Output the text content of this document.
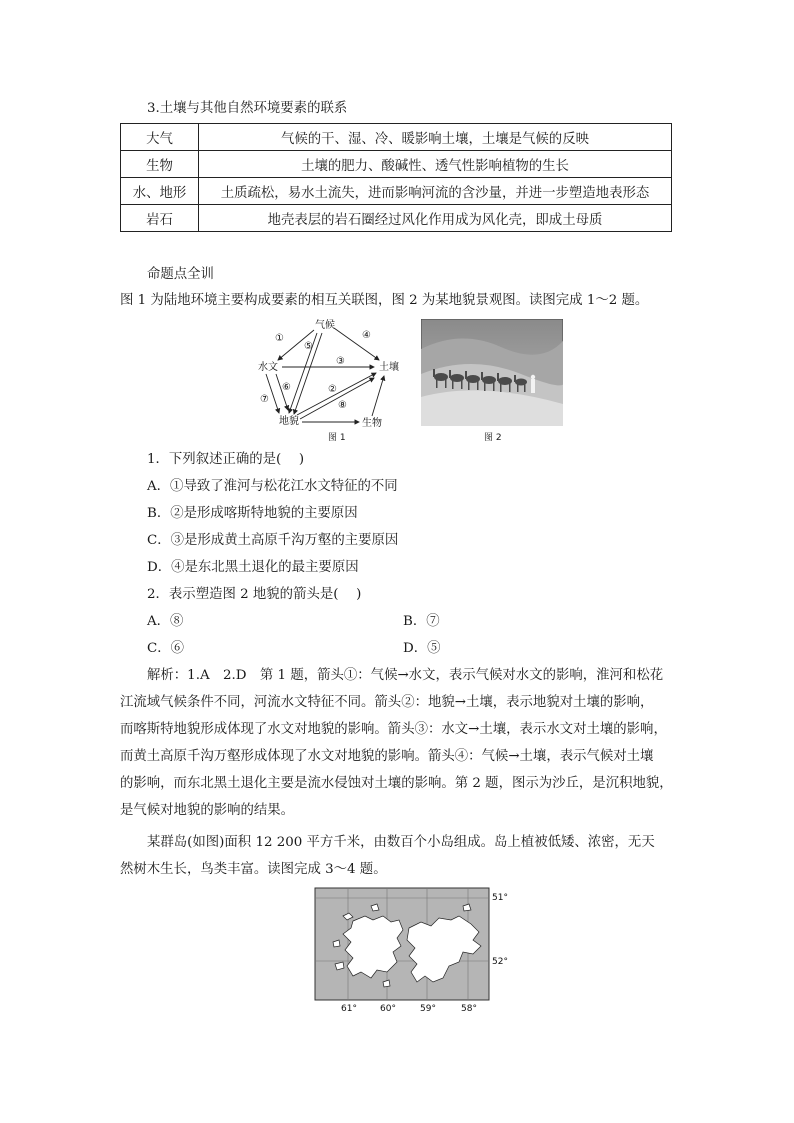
3.土壤与其他自然环境要素的联系
大气	气候的干、湿、冷、暖影响土壤，土壤是气候的反映
生物	土壤的肥力、酸碱性、透气性影响植物的生长
水、地形	土质疏松，易水土流失，进而影响河流的含沙量，并进一步塑造地表形态
岩石	地壳表层的岩石圈经过风化作用成为风化壳，即成土母质
命题点全训
图 1 为陆地环境主要构成要素的相互关联图，图 2 为某地貌景观图。读图完成 1～2 题。
气候
水文	土壤
地貌	生物
①
⑤
④
③
⑥
⑦
②
⑧
图 1	图 2
1．下列叙述正确的是(　 )
A．①导致了淮河与松花江水文特征的不同
B．②是形成喀斯特地貌的主要原因
C．③是形成黄土高原千沟万壑的主要原因
D．④是东北黑土退化的最主要原因
2．表示塑造图 2 地貌的箭头是(　 )
A．⑧	B．⑦
C．⑥	D．⑤
解析：1.A　2.D　第 1 题，箭头①：气候→水文，表示气候对水文的影响，淮河和松花
江流域气候条件不同，河流水文特征不同。箭头②：地貌→土壤，表示地貌对土壤的影响，
而喀斯特地貌形成体现了水文对地貌的影响。箭头③：水文→土壤，表示水文对土壤的影响，
而黄土高原千沟万壑形成体现了水文对地貌的影响。箭头④：气候→土壤，表示气候对土壤
的影响，而东北黑土退化主要是流水侵蚀对土壤的影响。第 2 题，图示为沙丘，是沉积地貌，
是气候对地貌的影响的结果。
某群岛(如图)面积 12 200 平方千米，由数百个小岛组成。岛上植被低矮、浓密，无天
然树木生长，鸟类丰富。读图完成 3～4 题。
51°
52°
61°	60°	59°	58°
